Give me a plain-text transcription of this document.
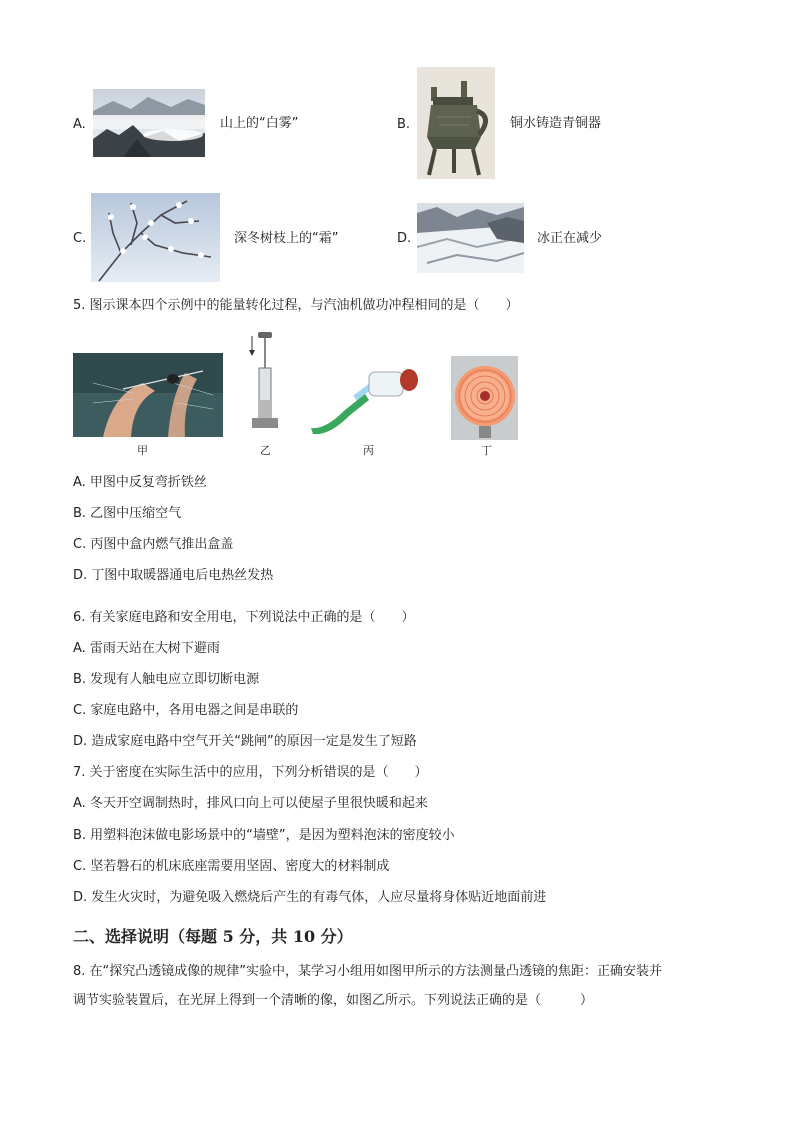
A.	山上的“白雾”	B.	铜水铸造青铜器
C.	深冬树枝上的“霜”	D.	冰正在减少
5. 图示课本四个示例中的能量转化过程，与汽油机做功冲程相同的是（　　）
甲	乙	丙	丁
A. 甲图中反复弯折铁丝
B. 乙图中压缩空气
C. 丙图中盒内燃气推出盒盖
D. 丁图中取暖器通电后电热丝发热
6. 有关家庭电路和安全用电，下列说法中正确的是（　　）
A. 雷雨天站在大树下避雨
B. 发现有人触电应立即切断电源
C. 家庭电路中，各用电器之间是串联的
D. 造成家庭电路中空气开关“跳闸”的原因一定是发生了短路
7. 关于密度在实际生活中的应用，下列分析错误的是（　　）
A. 冬天开空调制热时，排风口向上可以使屋子里很快暖和起来
B. 用塑料泡沫做电影场景中的“墙壁”，是因为塑料泡沫的密度较小
C. 坚若磐石的机床底座需要用坚固、密度大的材料制成
D. 发生火灾时，为避免吸入燃烧后产生的有毒气体，人应尽量将身体贴近地面前进
二、选择说明（每题 5 分，共 10 分）
8. 在“探究凸透镜成像的规律”实验中，某学习小组用如图甲所示的方法测量凸透镜的焦距：正确安装并
调节实验装置后，在光屏上得到一个清晰的像，如图乙所示。下列说法正确的是（　　　）
